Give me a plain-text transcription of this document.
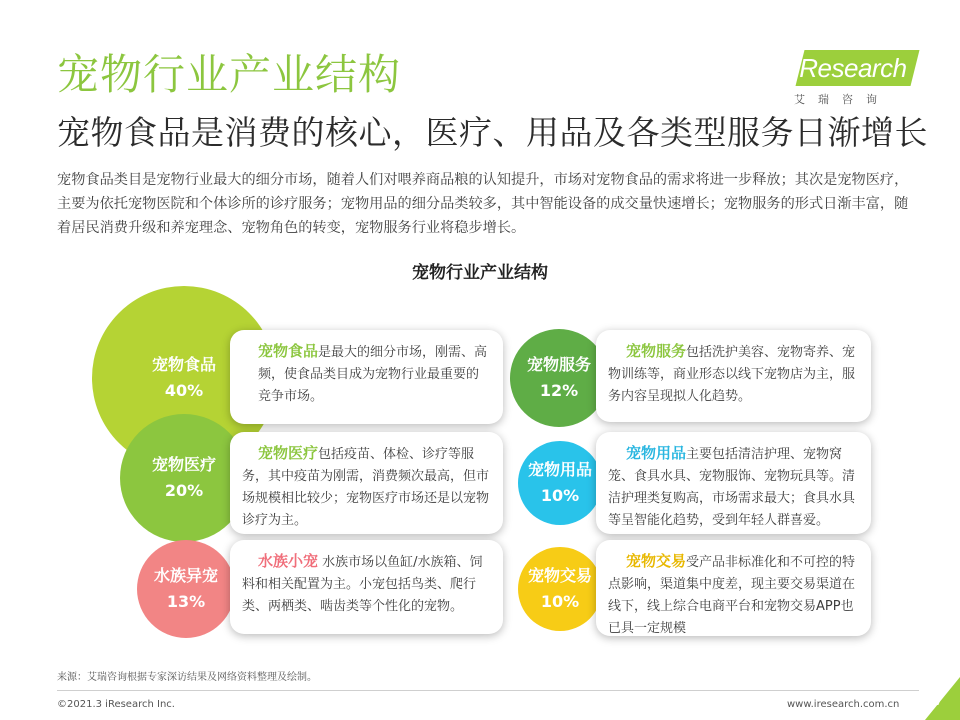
宠物行业产业结构
宠物食品是消费的核心，医疗、用品及各类型服务日渐增长
iResearch
艾瑞咨询
宠物食品类目是宠物行业最大的细分市场，随着人们对喂养商品粮的认知提升，市场对宠物食品的需求将进一步释放；其次是宠物医疗，主要为依托宠物医院和个体诊所的诊疗服务；宠物用品的细分品类较多，其中智能设备的成交量快速增长；宠物服务的形式日渐丰富，随着居民消费升级和养宠理念、宠物角色的转变，宠物服务行业将稳步增长。
宠物行业产业结构
宠物食品
40%
宠物医疗
20%
水族异宠
13%
宠物服务
12%
宠物用品
10%
宠物交易
10%
宠物食品是最大的细分市场，刚需、高频，使食品类目成为宠物行业最重要的竞争市场。
宠物医疗包括疫苗、体检、诊疗等服务，其中疫苗为刚需，消费频次最高，但市场规模相比较少；宠物医疗市场还是以宠物诊疗为主。
水族小宠 水族市场以鱼缸/水族箱、饲料和相关配置为主。小宠包括鸟类、爬行类、两栖类、啮齿类等个性化的宠物。
宠物服务包括洗护美容、宠物寄养、宠物训练等，商业形态以线下宠物店为主，服务内容呈现拟人化趋势。
宠物用品主要包括清洁护理、宠物窝笼、食具水具、宠物服饰、宠物玩具等。清洁护理类复购高，市场需求最大；食具水具等呈智能化趋势，受到年轻人群喜爱。
宠物交易受产品非标准化和不可控的特点影响，渠道集中度差，现主要交易渠道在线下，线上综合电商平台和宠物交易APP也已具一定规模
来源：艾瑞咨询根据专家深访结果及网络资料整理及绘制。
©2021.3 iResearch Inc.	www.iresearch.com.cn	7
